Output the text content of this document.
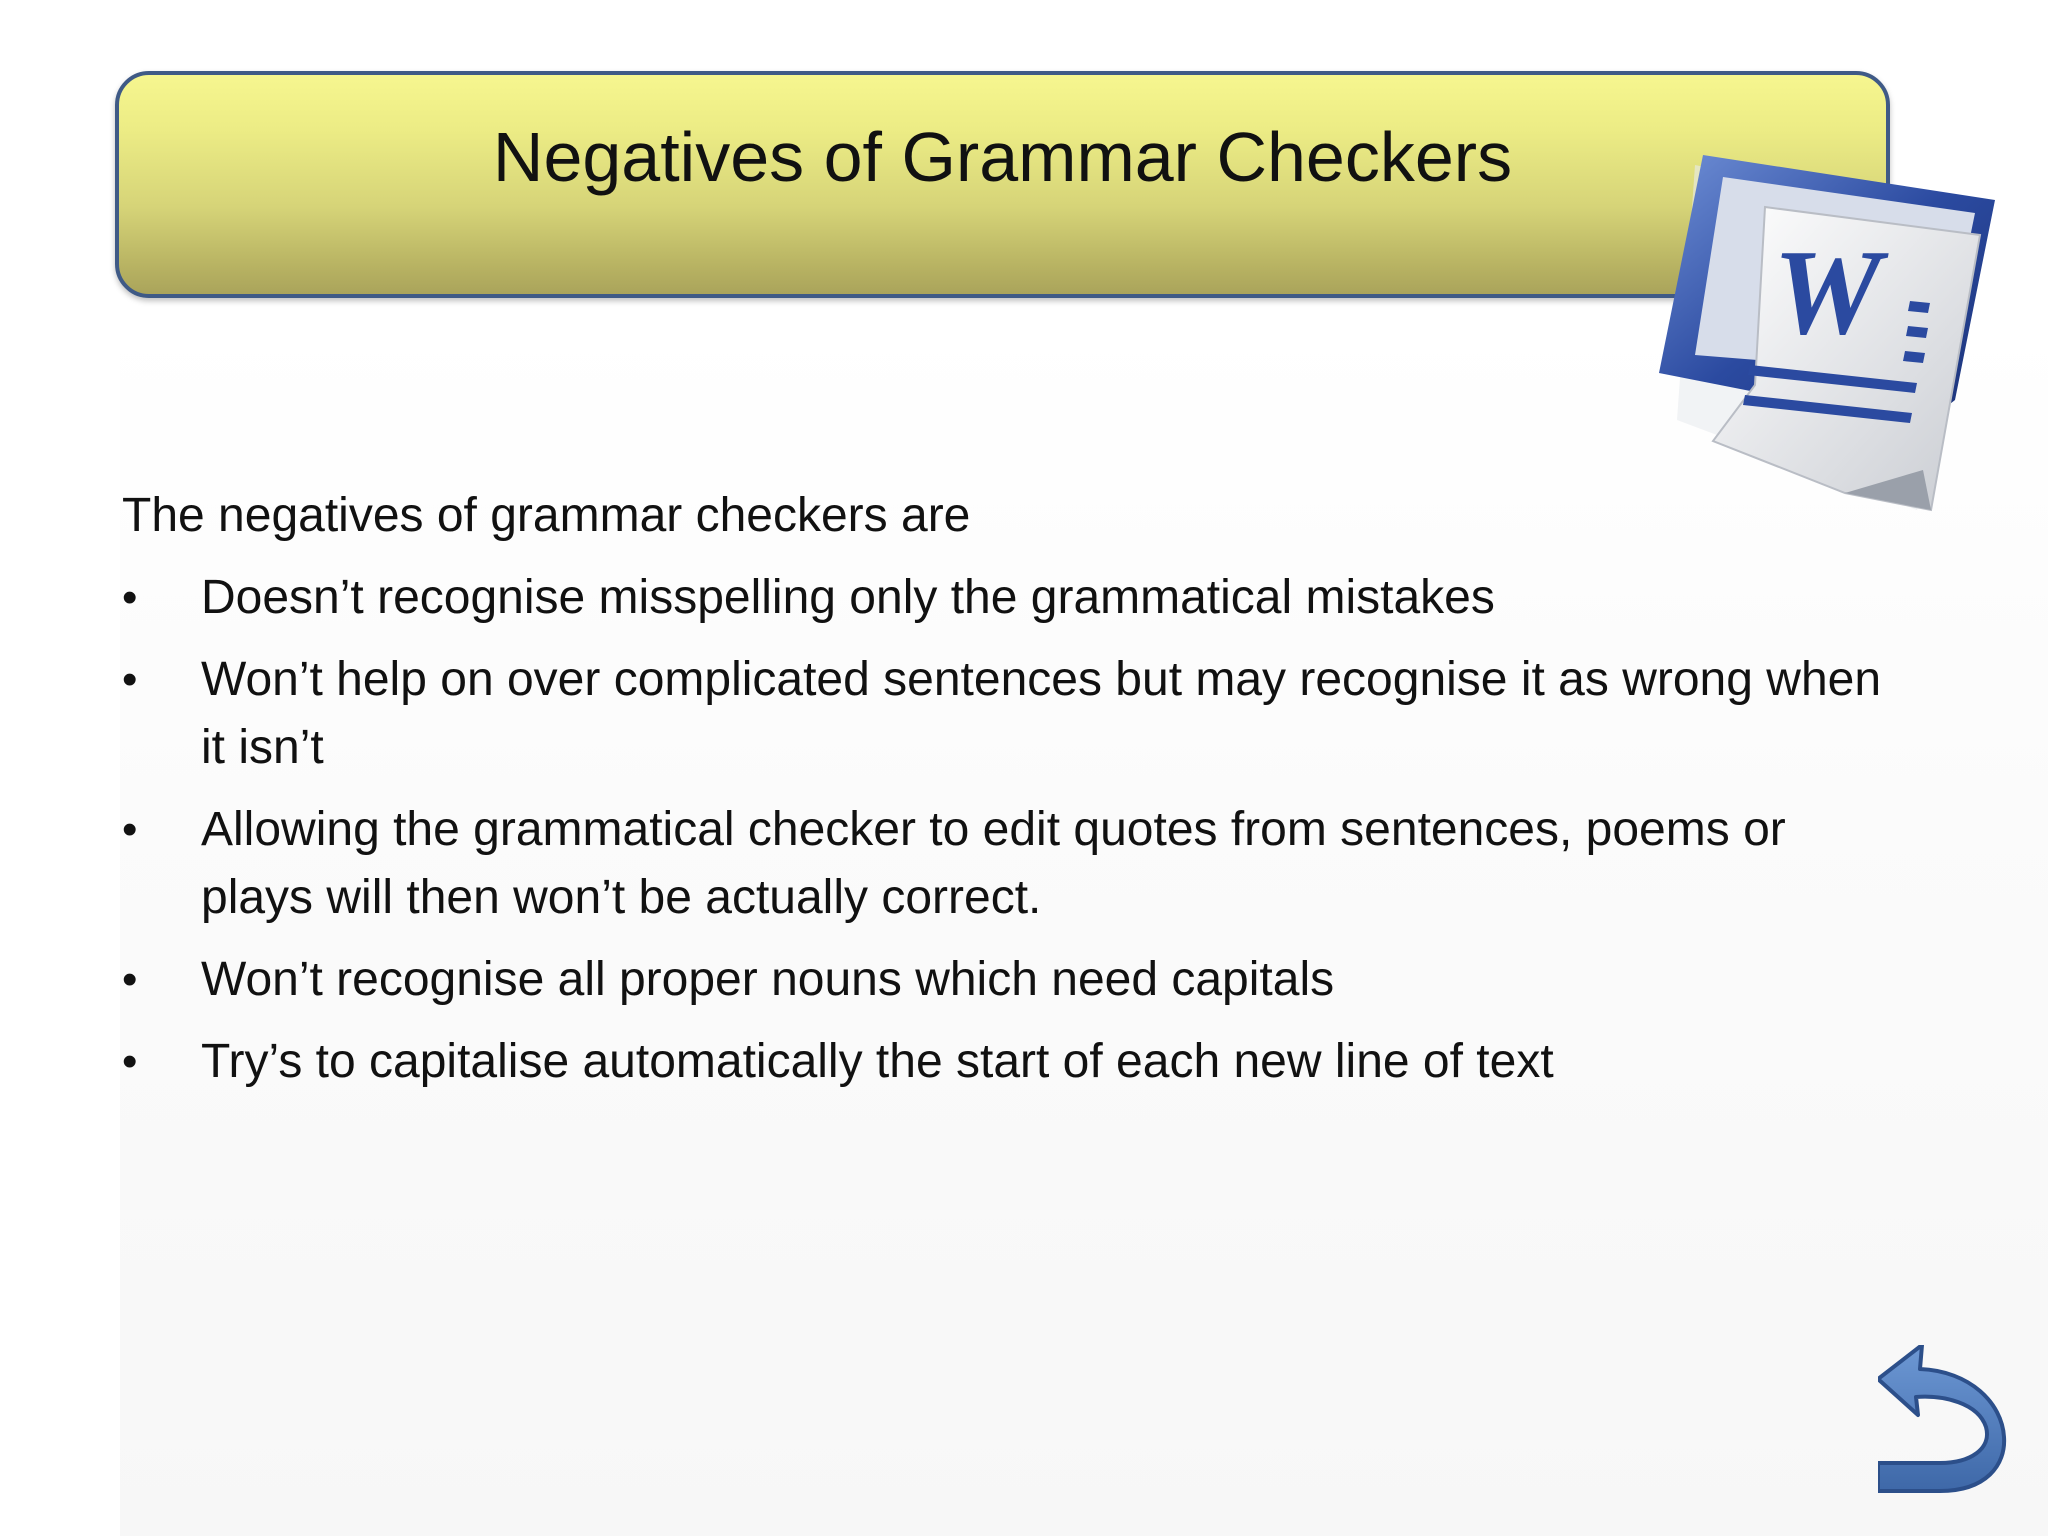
Negatives of Grammar Checkers
W

The negatives of grammar checkers are

• Doesn’t recognise misspelling only the grammatical mistakes
• Won’t help on over complicated sentences but may recognise it as wrong when it isn’t
• Allowing the grammatical checker to edit quotes from sentences, poems or plays will then won’t be actually correct.
• Won’t recognise all proper nouns which need capitals
• Try’s to capitalise automatically the start of each new line of text
